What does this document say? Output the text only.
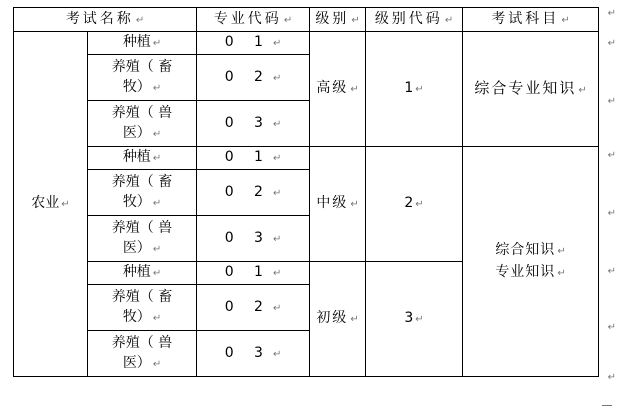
考试名称 ↵		专业代码 ↵	级别 ↵	级别代码 ↵	考试科目 ↵
农业 ↵	种植 ↵	0 1 ↵	高级 ↵	1 ↵	综合专业知识 ↵
	养殖（ 畜
牧） ↵	0 2 ↵			
	养殖（ 兽
医） ↵	0 3 ↵			
	种植 ↵	0 1 ↵	中级 ↵	2 ↵	综合知识 ↵
专业知识 ↵
	养殖（ 畜
牧） ↵	0 2 ↵			
	养殖（ 兽
医） ↵	0 3 ↵			
	种植 ↵	0 1 ↵	初级 ↵	3 ↵	
	养殖（ 畜
牧） ↵	0 2 ↵			
	养殖（ 兽
医） ↵	0 3 ↵			
↵
↵
↵
↵
↵
↵
↵
↵
